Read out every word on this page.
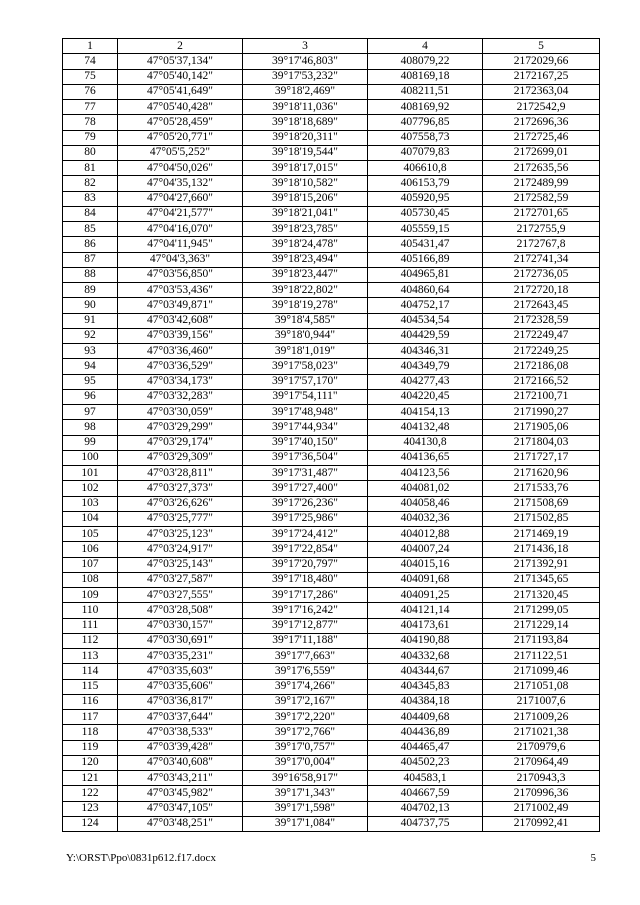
1	2	3	4	5
74	47°05'37,134"	39°17'46,803"	408079,22	2172029,66
75	47°05'40,142"	39°17'53,232"	408169,18	2172167,25
76	47°05'41,649"	39°18'2,469"	408211,51	2172363,04
77	47°05'40,428"	39°18'11,036"	408169,92	2172542,9
78	47°05'28,459"	39°18'18,689"	407796,85	2172696,36
79	47°05'20,771"	39°18'20,311"	407558,73	2172725,46
80	47°05'5,252"	39°18'19,544"	407079,83	2172699,01
81	47°04'50,026"	39°18'17,015"	406610,8	2172635,56
82	47°04'35,132"	39°18'10,582"	406153,79	2172489,99
83	47°04'27,660"	39°18'15,206"	405920,95	2172582,59
84	47°04'21,577"	39°18'21,041"	405730,45	2172701,65
85	47°04'16,070"	39°18'23,785"	405559,15	2172755,9
86	47°04'11,945"	39°18'24,478"	405431,47	2172767,8
87	47°04'3,363"	39°18'23,494"	405166,89	2172741,34
88	47°03'56,850"	39°18'23,447"	404965,81	2172736,05
89	47°03'53,436"	39°18'22,802"	404860,64	2172720,18
90	47°03'49,871"	39°18'19,278"	404752,17	2172643,45
91	47°03'42,608"	39°18'4,585"	404534,54	2172328,59
92	47°03'39,156"	39°18'0,944"	404429,59	2172249,47
93	47°03'36,460"	39°18'1,019"	404346,31	2172249,25
94	47°03'36,529"	39°17'58,023"	404349,79	2172186,08
95	47°03'34,173"	39°17'57,170"	404277,43	2172166,52
96	47°03'32,283"	39°17'54,111"	404220,45	2172100,71
97	47°03'30,059"	39°17'48,948"	404154,13	2171990,27
98	47°03'29,299"	39°17'44,934"	404132,48	2171905,06
99	47°03'29,174"	39°17'40,150"	404130,8	2171804,03
100	47°03'29,309"	39°17'36,504"	404136,65	2171727,17
101	47°03'28,811"	39°17'31,487"	404123,56	2171620,96
102	47°03'27,373"	39°17'27,400"	404081,02	2171533,76
103	47°03'26,626"	39°17'26,236"	404058,46	2171508,69
104	47°03'25,777"	39°17'25,986"	404032,36	2171502,85
105	47°03'25,123"	39°17'24,412"	404012,88	2171469,19
106	47°03'24,917"	39°17'22,854"	404007,24	2171436,18
107	47°03'25,143"	39°17'20,797"	404015,16	2171392,91
108	47°03'27,587"	39°17'18,480"	404091,68	2171345,65
109	47°03'27,555"	39°17'17,286"	404091,25	2171320,45
110	47°03'28,508"	39°17'16,242"	404121,14	2171299,05
111	47°03'30,157"	39°17'12,877"	404173,61	2171229,14
112	47°03'30,691"	39°17'11,188"	404190,88	2171193,84
113	47°03'35,231"	39°17'7,663"	404332,68	2171122,51
114	47°03'35,603"	39°17'6,559"	404344,67	2171099,46
115	47°03'35,606"	39°17'4,266"	404345,83	2171051,08
116	47°03'36,817"	39°17'2,167"	404384,18	2171007,6
117	47°03'37,644"	39°17'2,220"	404409,68	2171009,26
118	47°03'38,533"	39°17'2,766"	404436,89	2171021,38
119	47°03'39,428"	39°17'0,757"	404465,47	2170979,6
120	47°03'40,608"	39°17'0,004"	404502,23	2170964,49
121	47°03'43,211"	39°16'58,917"	404583,1	2170943,3
122	47°03'45,982"	39°17'1,343"	404667,59	2170996,36
123	47°03'47,105"	39°17'1,598"	404702,13	2171002,49
124	47°03'48,251"	39°17'1,084"	404737,75	2170992,41
Y:\ORST\Ppo\0831p612.f17.docx	5
